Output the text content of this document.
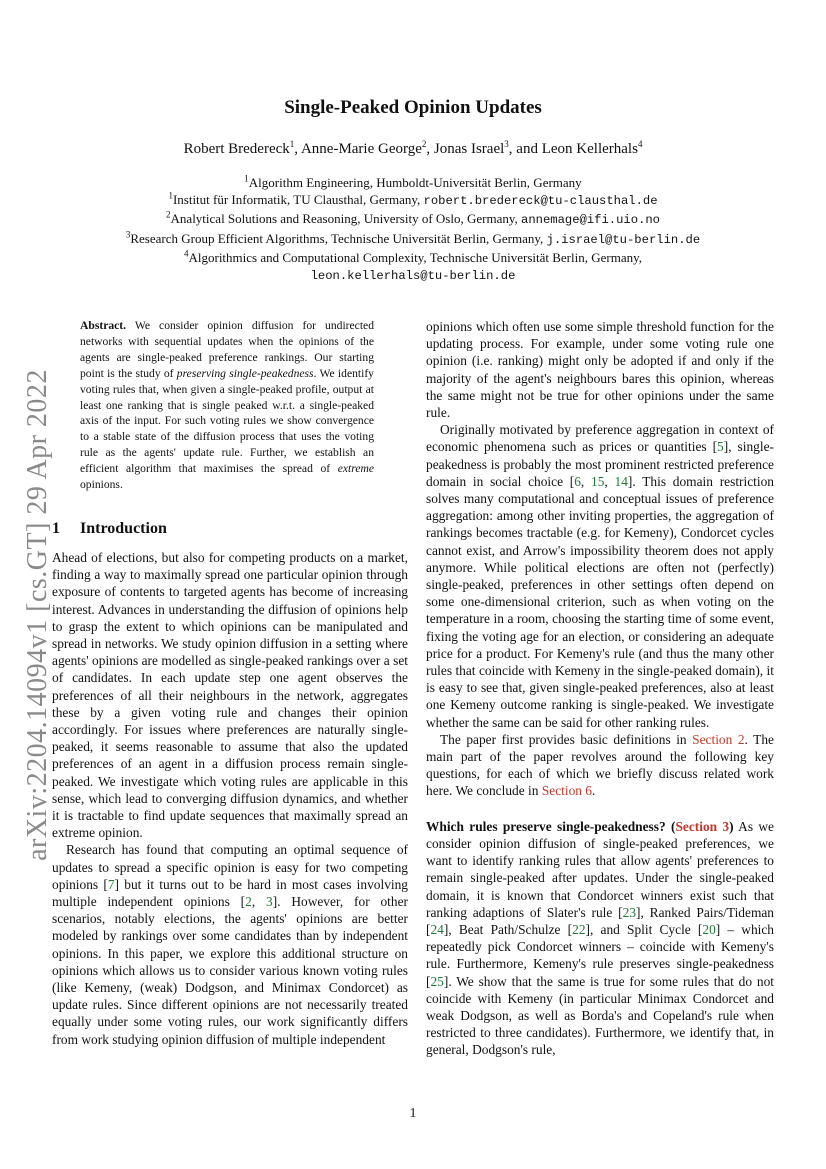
arXiv:2204.14094v1 [cs.GT] 29 Apr 2022
Single-Peaked Opinion Updates
Robert Bredereck$^1$, Anne-Marie George$^2$, Jonas Israel$^3$, and Leon Kellerhals$^4$
$^1$Algorithm Engineering, Humboldt-Universität Berlin, Germany
$^1$Institut für Informatik, TU Clausthal, Germany, robert.bredereck@tu-clausthal.de
$^2$Analytical Solutions and Reasoning, University of Oslo, Germany, annemage@ifi.uio.no
$^3$Research Group Efficient Algorithms, Technische Universität Berlin, Germany, j.israel@tu-berlin.de
$^4$Algorithmics and Computational Complexity, Technische Universität Berlin, Germany,
leon.kellerhals@tu-berlin.de
Abstract. We consider opinion diffusion for undirected networks with sequential updates when the opinions of the agents are single-peaked preference rankings. Our starting point is the study of preserving single-peakedness. We identify voting rules that, when given a single-peaked profile, output at least one ranking that is single peaked w.r.t. a single-peaked axis of the input. For such voting rules we show convergence to a stable state of the diffusion process that uses the voting rule as the agents' update rule. Further, we establish an efficient algorithm that maximises the spread of extreme opinions.
1 Introduction

Ahead of elections, but also for competing products on a market, finding a way to maximally spread one particular opinion through exposure of contents to targeted agents has become of increasing interest. Advances in understanding the diffusion of opinions help to grasp the extent to which opinions can be manipulated and spread in networks. We study opinion diffusion in a setting where agents' opinions are modelled as single-peaked rankings over a set of candidates. In each update step one agent observes the preferences of all their neighbours in the network, aggregates these by a given voting rule and changes their opinion accordingly. For issues where preferences are naturally single-peaked, it seems reasonable to assume that also the updated preferences of an agent in a diffusion process remain single-peaked. We investigate which voting rules are applicable in this sense, which lead to converging diffusion dynamics, and whether it is tractable to find update sequences that maximally spread an extreme opinion.

Research has found that computing an optimal sequence of updates to spread a specific opinion is easy for two competing opinions [7] but it turns out to be hard in most cases involving multiple independent opinions [2, 3]. However, for other scenarios, notably elections, the agents' opinions are better modeled by rankings over some candidates than by independent opinions. In this paper, we explore this additional structure on opinions which allows us to consider various known voting rules (like Kemeny, (weak) Dodgson, and Minimax Condorcet) as update rules. Since different opinions are not necessarily treated equally under some voting rules, our work significantly differs from work studying opinion diffusion of multiple independent

opinions which often use some simple threshold function for the updating process. For example, under some voting rule one opinion (i.e. ranking) might only be adopted if and only if the majority of the agent's neighbours bares this opinion, whereas the same might not be true for other opinions under the same rule.

Originally motivated by preference aggregation in context of economic phenomena such as prices or quantities [5], single-peakedness is probably the most prominent restricted preference domain in social choice [6, 15, 14]. This domain restriction solves many computational and conceptual issues of preference aggregation: among other inviting properties, the aggregation of rankings becomes tractable (e.g. for Kemeny), Condorcet cycles cannot exist, and Arrow's impossibility theorem does not apply anymore. While political elections are often not (perfectly) single-peaked, preferences in other settings often depend on some one-dimensional criterion, such as when voting on the temperature in a room, choosing the starting time of some event, fixing the voting age for an election, or considering an adequate price for a product. For Kemeny's rule (and thus the many other rules that coincide with Kemeny in the single-peaked domain), it is easy to see that, given single-peaked preferences, also at least one Kemeny outcome ranking is single-peaked. We investigate whether the same can be said for other ranking rules.

The paper first provides basic definitions in Section 2. The main part of the paper revolves around the following key questions, for each of which we briefly discuss related work here. We conclude in Section 6.

Which rules preserve single-peakedness? (Section 3) As we consider opinion diffusion of single-peaked preferences, we want to identify ranking rules that allow agents' preferences to remain single-peaked after updates. Under the single-peaked domain, it is known that Condorcet winners exist such that ranking adaptions of Slater's rule [23], Ranked Pairs/Tideman [24], Beat Path/Schulze [22], and Split Cycle [20] – which repeatedly pick Condorcet winners – coincide with Kemeny's rule. Furthermore, Kemeny's rule preserves single-peakedness [25]. We show that the same is true for some rules that do not coincide with Kemeny (in particular Minimax Condorcet and weak Dodgson, as well as Borda's and Copeland's rule when restricted to three candidates). Furthermore, we identify that, in general, Dodgson's rule,

1
